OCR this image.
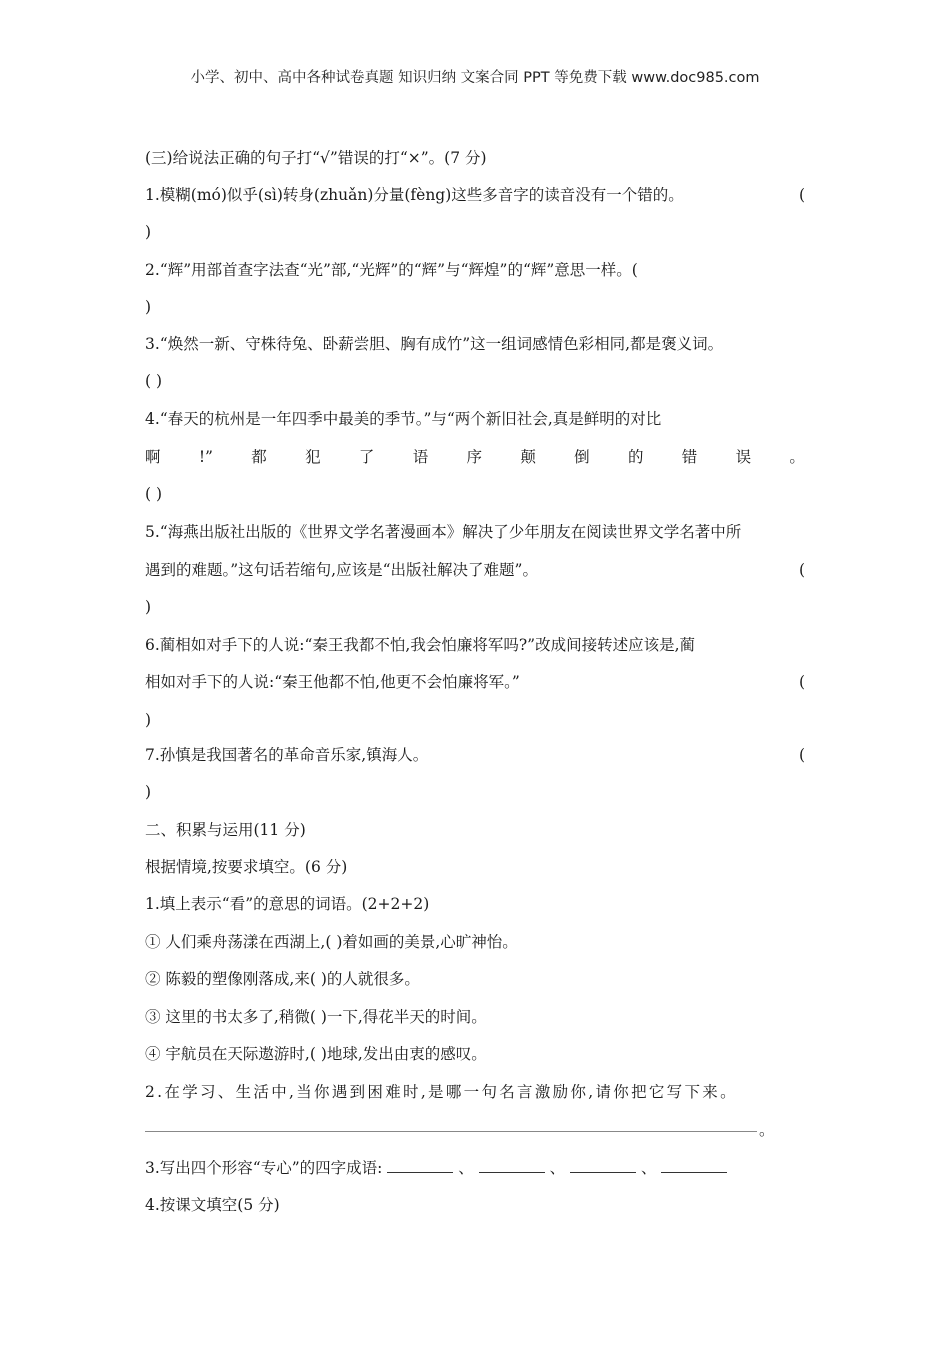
小学、初中、高中各种试卷真题 知识归纳 文案合同 PPT 等免费下载 www.doc985.com
(三)给说法正确的句子打“√”错误的打“×”。(7 分)
1.模糊(mó)似乎(sì)转身(zhuǎn)分量(fèng)这些多音字的读音没有一个错的。	(
)
2.“辉”用部首查字法查“光”部,“光辉”的“辉”与“辉煌”的“辉”意思一样。(
)
3.“焕然一新、守株待兔、卧薪尝胆、胸有成竹”这一组词感情色彩相同,都是褒义词。
( )
4.“春天的杭州是一年四季中最美的季节。”与“两个新旧社会,真是鲜明的对比
啊 !” 都 犯 了 语 序 颠 倒 的 错 误 。
( )
5.“海燕出版社出版的《世界文学名著漫画本》解决了少年朋友在阅读世界文学名著中所
遇到的难题。”这句话若缩句,应该是“出版社解决了难题”。	(
)
6.蔺相如对手下的人说:“秦王我都不怕,我会怕廉将军吗?”改成间接转述应该是,蔺
相如对手下的人说:“秦王他都不怕,他更不会怕廉将军。”	(
)
7.孙慎是我国著名的革命音乐家,镇海人。	(
)
二、积累与运用(11 分)
根据情境,按要求填空。(6 分)
1.填上表示“看”的意思的词语。(2+2+2)
① 人们乘舟荡漾在西湖上,( )着如画的美景,心旷神怡。
② 陈毅的塑像刚落成,来( )的人就很多。
③ 这里的书太多了,稍微( )一下,得花半天的时间。
④ 宇航员在天际遨游时,( )地球,发出由衷的感叹。
2.在学习、生活中,当你遇到困难时,是哪一句名言激励你,请你把它写下来。
。
3.写出四个形容“专心”的四字成语:	、	、	、
4.按课文填空(5 分)
